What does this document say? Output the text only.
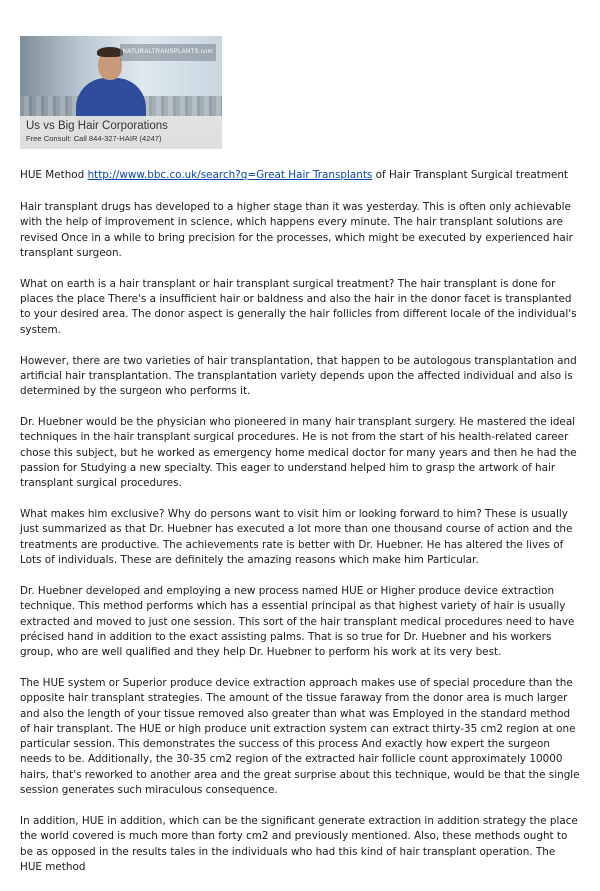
NATURALTRANSPLANTS.com
Us vs Big Hair Corporations
Free Consult: Call 844-327-HAIR (4247)
HUE Method http://www.bbc.co.uk/search?q=Great Hair Transplants of Hair Transplant Surgical treatment

Hair transplant drugs has developed to a higher stage than it was yesterday. This is often only achievable with the help of improvement in science, which happens every minute. The hair transplant solutions are revised Once in a while to bring precision for the processes, which might be executed by experienced hair transplant surgeon.

What on earth is a hair transplant or hair transplant surgical treatment? The hair transplant is done for places the place There's a insufficient hair or baldness and also the hair in the donor facet is transplanted to your desired area. The donor aspect is generally the hair follicles from different locale of the individual's system.

However, there are two varieties of hair transplantation, that happen to be autologous transplantation and artificial hair transplantation. The transplantation variety depends upon the affected individual and also is determined by the surgeon who performs it.

Dr. Huebner would be the physician who pioneered in many hair transplant surgery. He mastered the ideal techniques in the hair transplant surgical procedures. He is not from the start of his health-related career chose this subject, but he worked as emergency home medical doctor for many years and then he had the passion for Studying a new specialty. This eager to understand helped him to grasp the artwork of hair transplant surgical procedures.

What makes him exclusive? Why do persons want to visit him or looking forward to him? These is usually just summarized as that Dr. Huebner has executed a lot more than one thousand course of action and the treatments are productive. The achievements rate is better with Dr. Huebner. He has altered the lives of Lots of individuals. These are definitely the amazing reasons which make him Particular.

Dr. Huebner developed and employing a new process named HUE or Higher produce device extraction technique. This method performs which has a essential principal as that highest variety of hair is usually extracted and moved to just one session. This sort of the hair transplant medical procedures need to have précised hand in addition to the exact assisting palms. That is so true for Dr. Huebner and his workers group, who are well qualified and they help Dr. Huebner to perform his work at its very best.

The HUE system or Superior produce device extraction approach makes use of special procedure than the opposite hair transplant strategies. The amount of the tissue faraway from the donor area is much larger and also the length of your tissue removed also greater than what was Employed in the standard method of hair transplant. The HUE or high produce unit extraction system can extract thirty-35 cm2 region at one particular session. This demonstrates the success of this process And exactly how expert the surgeon needs to be. Additionally, the 30-35 cm2 region of the extracted hair follicle count approximately 10000 hairs, that's reworked to another area and the great surprise about this technique, would be that the single session generates such miraculous consequence.

In addition, HUE in addition, which can be the significant generate extraction in addition strategy the place the world covered is much more than forty cm2 and previously mentioned. Also, these methods ought to be as opposed in the results tales in the individuals who had this kind of hair transplant operation. The HUE method
